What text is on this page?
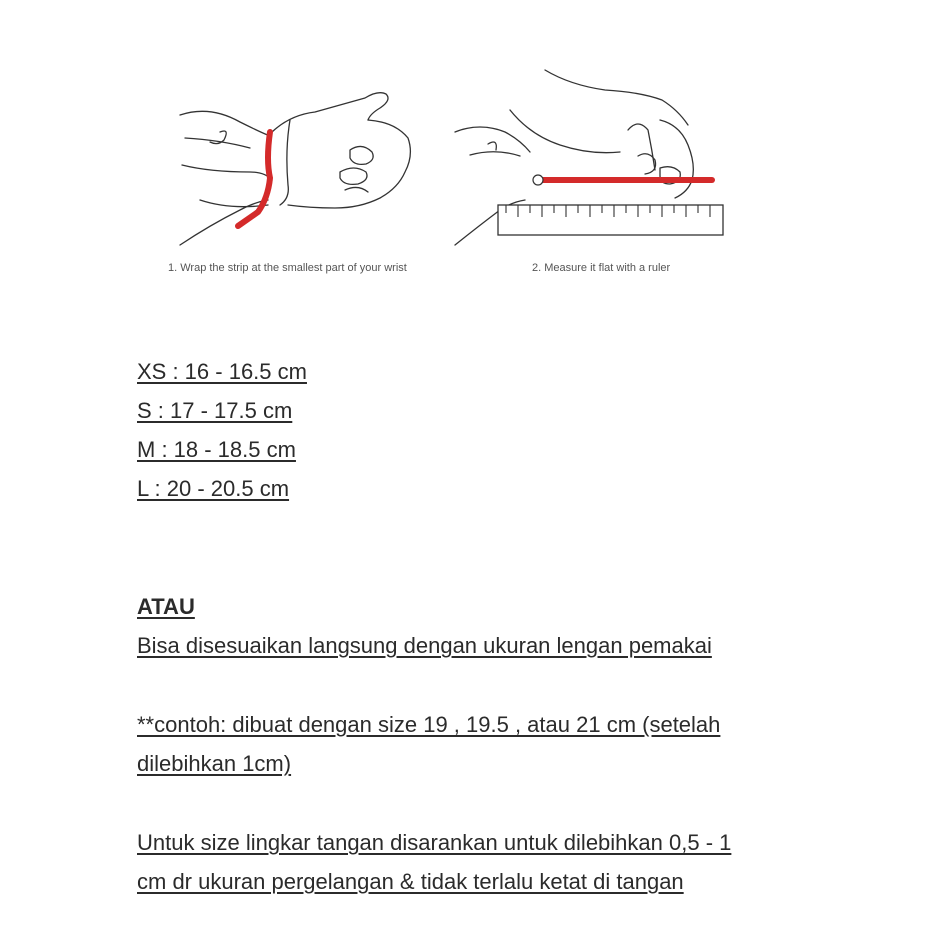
1. Wrap the strip at the smallest part of your wrist	2. Measure it flat with a ruler
XS : 16 - 16.5 cm
S : 17 - 17.5 cm
M : 18 - 18.5 cm
L : 20 - 20.5 cm
ATAU
Bisa disesuaikan langsung dengan ukuran lengan pemakai
**contoh: dibuat dengan size 19 , 19.5 , atau 21 cm (setelah dilebihkan 1cm)
Untuk size lingkar tangan disarankan untuk dilebihkan 0,5 - 1 cm dr ukuran pergelangan & tidak terlalu ketat di tangan
